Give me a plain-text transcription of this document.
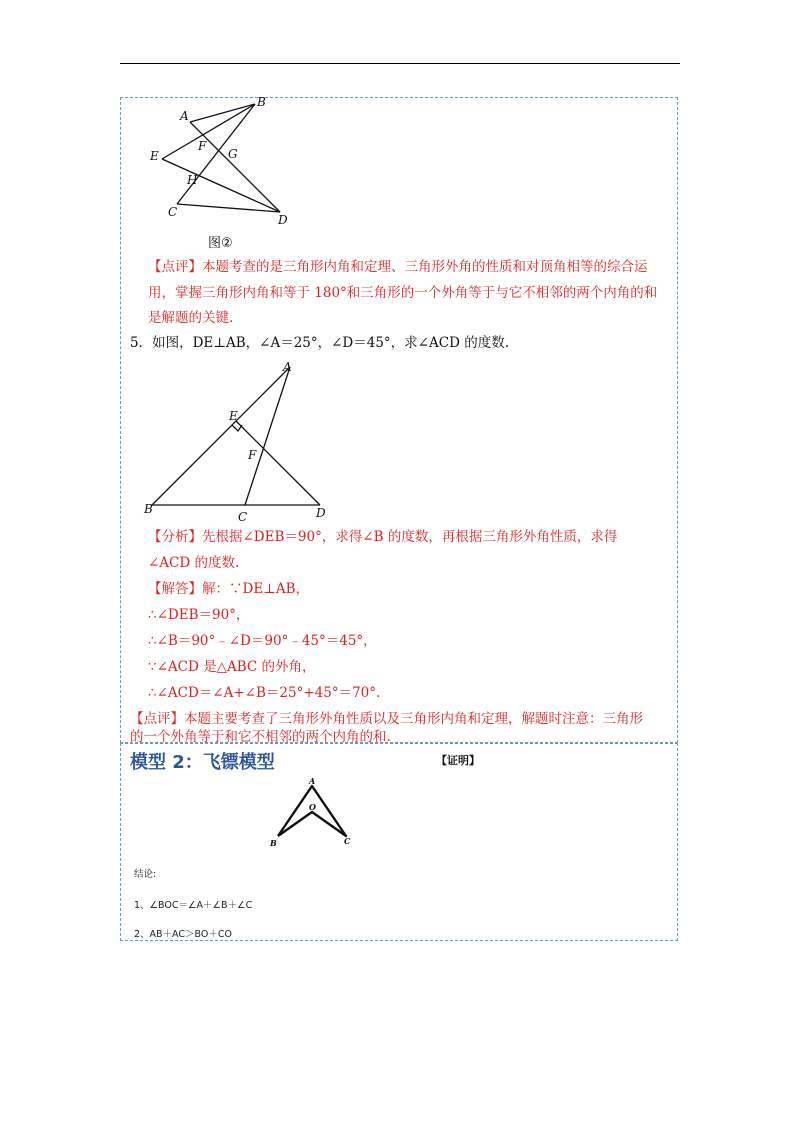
A
B
E
F
G
H
C
D
图②
【点评】本题考查的是三角形内角和定理、三角形外角的性质和对顶角相等的综合运
用，掌握三角形内角和等于 180°和三角形的一个外角等于与它不相邻的两个内角的和
是解题的关键.
5．如图，DE⊥AB，∠A＝25°，∠D＝45°，求∠ACD 的度数.
A
E
F
B
C	D
【分析】先根据∠DEB＝90°，求得∠B 的度数，再根据三角形外角性质，求得
∠ACD 的度数.
【解答】解：∵DE⊥AB，
∴∠DEB＝90°，
∴∠B＝90°﹣∠D＝90°﹣45°＝45°，
∵∠ACD 是△ABC 的外角，
∴∠ACD＝∠A+∠B＝25°+45°＝70°.
【点评】本题主要考查了三角形外角性质以及三角形内角和定理，解题时注意：三角形
的一个外角等于和它不相邻的两个内角的和.
模型 2：飞镖模型	【证明】
A
O
B	C
结论:
1、∠BOC＝∠A＋∠B＋∠C
2、AB＋AC＞BO＋CO
